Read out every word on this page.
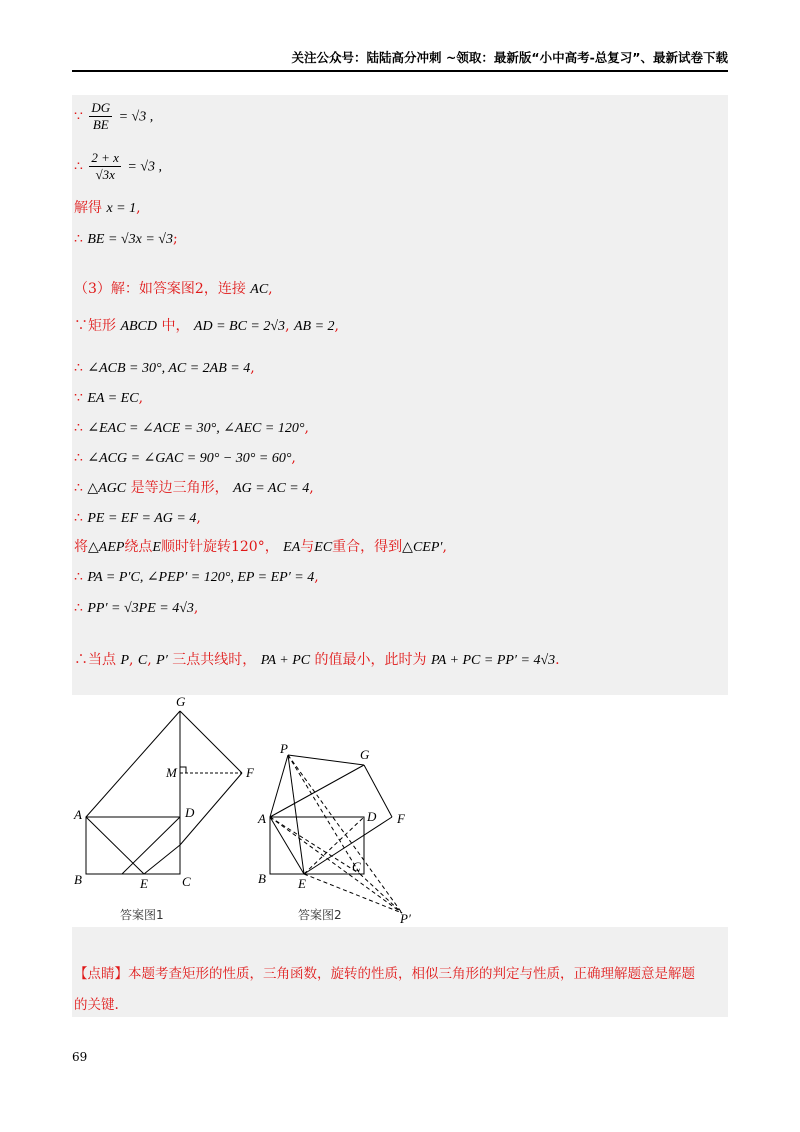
关注公众号：陆陆高分冲刺 ~领取：最新版“小中高考-总复习”、最新试卷下载
∵ $\frac{DG}{BE} = √3$ ,
∴ $\frac{2 + x}{√3x} = √3$ ,
解得 x = 1,
∴ BE = √3x = √3;
（3）解：如答案图2，连接 AC,
∵矩形 ABCD 中， AD = BC = 2√3, AB = 2,
∴ ∠ACB = 30°, AC = 2AB = 4,
∵ EA = EC,
∴ ∠EAC = ∠ACE = 30°, ∠AEC = 120°,
∴ ∠ACG = ∠GAC = 90° − 30° = 60°,
∴ △AGC 是等边三角形， AG = AC = 4,
∴ PE = EF = AG = 4,
将△AEP绕点E顺时针旋转120°， EA与EC重合，得到△CEP′,
∴ PA = P′C, ∠PEP′ = 120°, EP = EP′ = 4,
∴ PP′ = √3PE = 4√3,
∴当点 P, C, P′ 三点共线时， PA + PC 的值最小，此时为 PA + PC = PP′ = 4√3.
G
M	F
A	D
B	E	C
答案图1
P	G
A	D F
B E
C
P′
答案图2
【点睛】本题考查矩形的性质，三角函数，旋转的性质，相似三角形的判定与性质，正确理解题意是解题
的关键.
69
